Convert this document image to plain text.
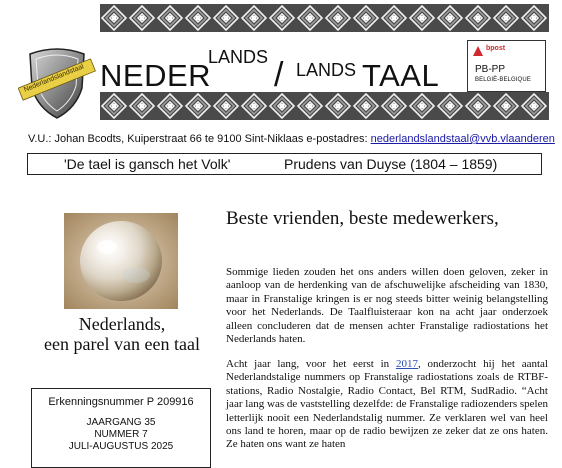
Nederlandslandstaal NEDER
LANDS / LANDS TAAL
bpost
PB-PP
BELGIË-BELGIQUE
V.U.: Johan Bcodts, Kuiperstraat 66 te 9100 Sint-Niklaas e-postadres: nederlandslandstaal@vvb.vlaanderen
'De tael is gansch het Volk'	Prudens van Duyse (1804 – 1859)
Nederlands,
een parel van een taal
Erkenningsnummer P 209916
JAARGANG 35
NUMMER 7
JULI-AUGUSTUS 2025
Beste vrienden, beste medewerkers,
Sommige lieden zouden het ons anders willen doen geloven, zeker in aanloop van de herdenking van de afschuwelijke afscheiding van 1830, maar in Franstalige kringen is er nog steeds bitter weinig belangstelling voor het Nederlands. De Taalfluisteraar kon na acht jaar onderzoek alleen concluderen dat de mensen achter Franstalige radiostations het Nederlands haten.
Acht jaar lang, voor het eerst in 2017, onderzocht hij het aantal Nederlandstalige nummers op Franstalige radiostations zoals de RTBF-stations, Radio Nostalgie, Radio Contact, Bel RTM, SudRadio. “Acht jaar lang was de vaststelling dezelfde: de Franstalige radiozenders spelen letterlijk nooit een Nederlandstalig nummer. Ze verklaren wel van heel ons land te horen, maar op de radio bewijzen ze zeker dat ze ons haten. Ze haten ons want ze haten
